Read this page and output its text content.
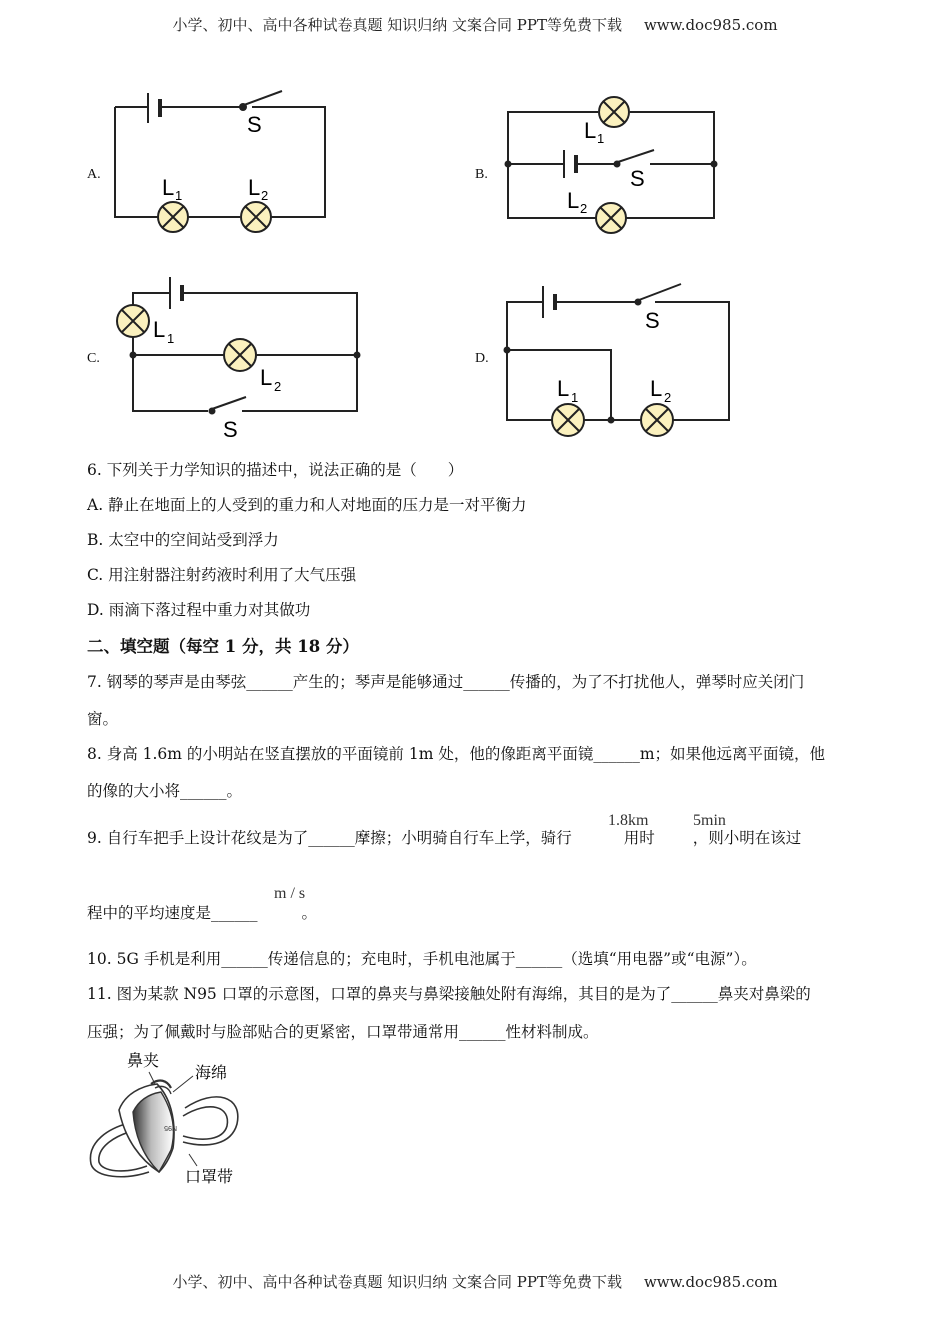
小学、初中、高中各种试卷真题 知识归纳 文案合同 PPT等免费下载 www.doc985.com
A.
S
L 1	L 2
B.	S
L 1
L 2
C.
S
L 1
L 2
D.
S
L 1	L 2
6. 下列关于力学知识的描述中，说法正确的是（　　）
A. 静止在地面上的人受到的重力和人对地面的压力是一对平衡力
B. 太空中的空间站受到浮力
C. 用注射器注射药液时利用了大气压强
D. 雨滴下落过程中重力对其做功
二、填空题（每空 1 分，共 18 分）
7. 钢琴的琴声是由琴弦______产生的；琴声是能够通过______传播的，为了不打扰他人，弹琴时应关闭门
窗。
8. 身高 1.6m 的小明站在竖直摆放的平面镜前 1m 处，他的像距离平面镜______m；如果他远离平面镜，他
的像的大小将______。
9. 自行车把手上设计花纹是为了______摩擦；小明骑自行车上学，骑行	用时 ，则小明在该过
1.8km	5min
程中的平均速度是______	。
m / s
10. 5G 手机是利用______传递信息的；充电时，手机电池属于______（选填“用电器”或“电源”）。
11. 图为某款 N95 口罩的示意图，口罩的鼻夹与鼻梁接触处附有海绵，其目的是为了______鼻夹对鼻梁的
压强；为了佩戴时与脸部贴合的更紧密，口罩带通常用______性材料制成。
N95
鼻夹
海绵
口罩带
小学、初中、高中各种试卷真题 知识归纳 文案合同 PPT等免费下载 www.doc985.com
